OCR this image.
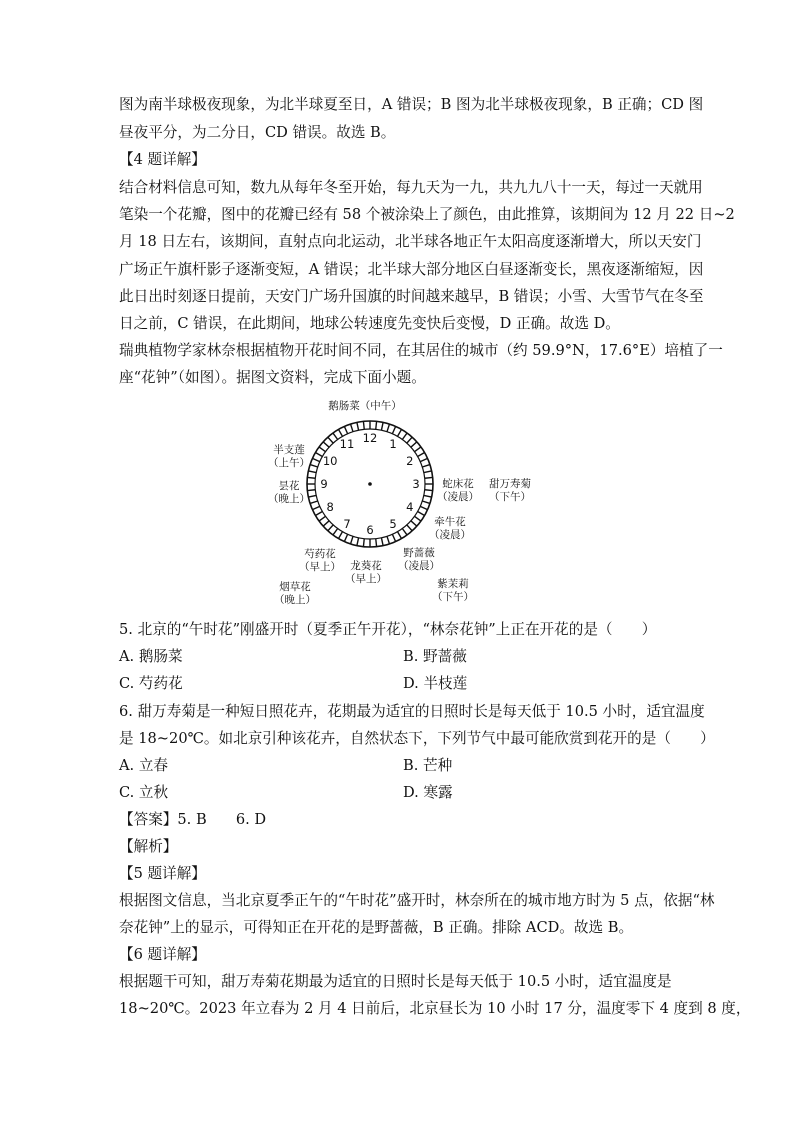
图为南半球极夜现象，为北半球夏至日，A 错误；B 图为北半球极夜现象，B 正确；CD 图
昼夜平分，为二分日，CD 错误。故选 B。
【4 题详解】
结合材料信息可知，数九从每年冬至开始，每九天为一九，共九九八十一天，每过一天就用
笔染一个花瓣，图中的花瓣已经有 58 个被涂染上了颜色，由此推算，该期间为 12 月 22 日~2
月 18 日左右，该期间，直射点向北运动，北半球各地正午太阳高度逐渐增大，所以天安门
广场正午旗杆影子逐渐变短，A 错误；北半球大部分地区白昼逐渐变长，黑夜逐渐缩短，因
此日出时刻逐日提前，天安门广场升国旗的时间越来越早，B 错误；小雪、大雪节气在冬至
日之前，C 错误，在此期间，地球公转速度先变快后变慢，D 正确。故选 D。
瑞典植物学家林奈根据植物开花时间不同，在其居住的城市（约 59.9°N，17.6°E）培植了一
座“花钟”（如图）。据图文资料，完成下面小题。
12 1
2
3
4
5
6
7
8
9
10
11
鹅肠菜（中午）
半支莲
（上午）
昙花
（晚上）
蛇床花
（凌晨）
甜万寿菊
（下午）
牵牛花
（凌晨）
芍药花
（早上） 龙葵花
（早上）
野蔷薇
（凌晨）
烟草花
（晚上）
紫茉莉
（下午）
5. 北京的“午时花”刚盛开时（夏季正午开花），“林奈花钟”上正在开花的是（　　）
A. 鹅肠菜	B. 野蔷薇
C. 芍药花	D. 半枝莲
6. 甜万寿菊是一种短日照花卉，花期最为适宜的日照时长是每天低于 10.5 小时，适宜温度
是 18~20℃。如北京引种该花卉，自然状态下，下列节气中最可能欣赏到花开的是（　　）
A. 立春	B. 芒种
C. 立秋	D. 寒露
【答案】5. B　　6. D
【解析】
【5 题详解】
根据图文信息，当北京夏季正午的“午时花”盛开时，林奈所在的城市地方时为 5 点，依据“林
奈花钟”上的显示，可得知正在开花的是野蔷薇，B 正确。排除 ACD。故选 B。
【6 题详解】
根据题干可知，甜万寿菊花期最为适宜的日照时长是每天低于 10.5 小时，适宜温度是
18~20℃。2023 年立春为 2 月 4 日前后，北京昼长为 10 小时 17 分，温度零下 4 度到 8 度，
